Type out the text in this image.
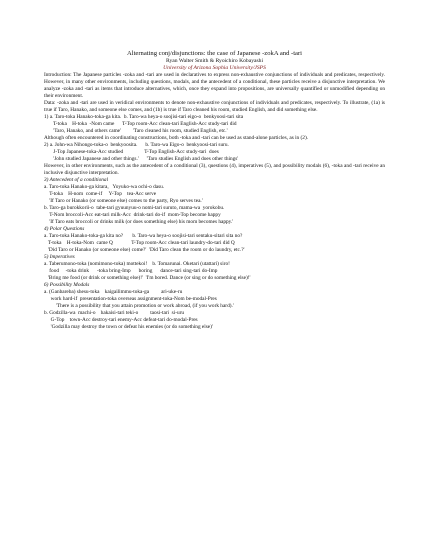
Alternating conj/disjunctions: the case of Japanese -zokA and -tari
Ryan Walter Smith & Ryoichiro Kobayashi
University of Arizona Sophia University/JSPS
Introduction: The Japanese particles -zoka and -tari are used in declaratives to express non-exhaustive conjunctions of individuals and predicates, respectively. However, in many other environments, including questions, modals, and the antecedent of a conditional, these particles receive a disjunctive interpretation. We analyze -zoka and -tari as items that introduce alternatives, which, once they expand into propositions, are universally quantified or unmodified depending on their environment.
Data: -zoka and -tari are used in veridical environments to denote non-exhaustive conjunctions of individuals and predicates, respectively. To illustrate, (1a) is true if Taro, Hanako, and someone else comes, and (1b) is true if Taro cleaned his room, studied English, and did something else.
1) a. Taro-toka Hanako-toka-ga kita.  b. Taro-wa heya-o soojisi-tari eigo-o  benkyoosi-tari sita
T-toka    H-toka  -Nom came      T-Top room-Acc clean-tari English-Acc study-tari did
'Taro, Hanako, and others came'         'Taro cleaned his room, studied English, etc.'
Although often encountered in coordinating constructions, both -toka and -tari can be used as stand-alone particles, as in (2).
2) a. John-wa Nihongo-toka-o  benkyoosita.      b. Taro-wa Eigo-o  benkyoosi-tari suru.
J-Top Japanese-toka-Acc studied                T-Top English-Acc study-tari  does
'John studied Japanese and other things.'      'Taro studies English and does other things'
However, in other environments, such as the antecedent of a conditional (3), questions (4), imperatives (5), and possibility modals (6), -toka and -tari receive an inclusive disjunctive interpretation.
3) Antecedent of a conditional
a. Taro-toka Hanako-ga kitara,   Yoyuko-wa ochi-o dasu.
T-toka    H-nom  come-if     Y-Top    tea-Acc serve
'If Taro or Hanako (or someone else) comes to the party, Ryo serves tea.'
b. Taro-ga burokkorii-o  tabe-tari gyuunyuu-o nomi-tari suruto, mama-wa  yorokobu.
T-Nom broccoli-Acc eat-tari milk-Acc  drink-tari do-if  mom-Top become happy
'If Taro eats broccoli or drinks milk (or does something else) his mom becomes happy.'
4) Polar Questions
a. Taro-toka Hanako-toka-ga kita no?       b. Taro-wa heya-o soojisi-tari sentaku-sitari sita no?
T-toka    H-toka-Nom  came Q              T-Top room-Acc clean-tari laundry-do-tari did Q
'Did Taro or Hanako (or someone else) come?'  'Did Taro clean the room or do laundry, etc.?'
5) Imperatives
a. Taberumono-toka (nomimono-toka) mottekoi!    b. Tomarunai. Oketari (utattari) siro!
food     -toka drink      -toka bring-Imp      boring      dance-tari sing-tari do-Imp
'Bring me food (or drink or something else)!'  'I'm bored. Dance (or sing or do something else)!'
6) Possibility Modals
a. (Ganbareba) shesu-toka    kaigailimmu-toka-ga         ari-uke-ru
work hard-if  presentation-toka overseas assignment-toka-Nom be-modal-Pres
'There is a possibility that you attain promotion or work abroad, (if you work hard).'
b. Godzilla-wa  machi-o    hakaisi-tari teki-o         taosi-tari  si-uru
G-Top    town-Acc destroy-tari enemy-Acc defeat-tari do-modal-Pres
'Godzilla may destroy the town or defeat his enemies (or do something else)'
